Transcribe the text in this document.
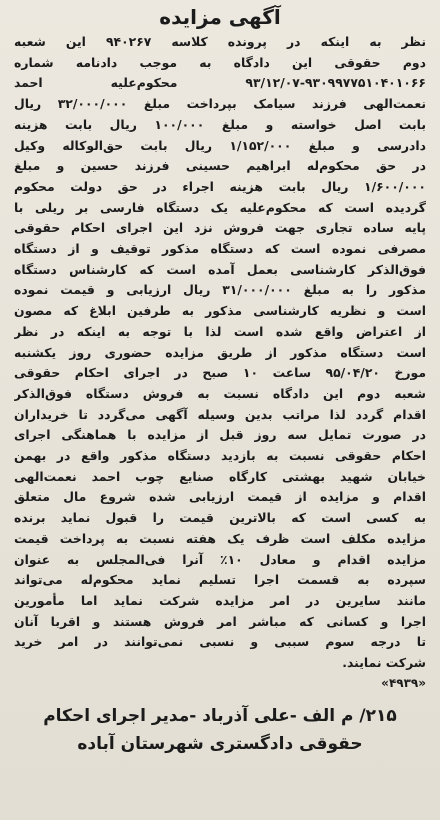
آگهی مزایده
نظر به اینکه در پرونده کلاسه ۹۴۰۲۶۷ این شعبه
دوم حقوقی این دادگاه به موجب دادنامه شماره
۹۳/۱۲/۰۷-۹۳۰۹۹۷۷۵۱۰۴۰۱۰۶۶ محکوم‌علیه احمد
نعمت‌الهی فرزند سیامک بپرداخت مبلغ ۳۲/۰۰۰/۰۰۰ ریال
بابت اصل خواسته و مبلغ ۱۰۰/۰۰۰ ریال بابت هزینه
دادرسی و مبلغ ۱/۱۵۲/۰۰۰ ریال بابت حق‌الوکاله وکیل
در حق محکوم‌له ابراهیم حسینی فرزند حسین و مبلغ
۱/۶۰۰/۰۰۰ ریال بابت هزینه اجراء در حق دولت محکوم
گردیده است که محکوم‌علیه یک دستگاه فارسی بر ریلی با
پایه ساده تجاری جهت فروش نزد این اجرای احکام حقوقی
مصرفی نموده است که دستگاه مذکور توقیف و از دستگاه
فوق‌الذکر کارشناسی بعمل آمده است که کارشناس دستگاه
مذکور را به مبلغ ۳۱/۰۰۰/۰۰۰ ریال ارزیابی و قیمت نموده
است و نظریه کارشناسی مذکور به طرفین ابلاغ که مصون
از اعتراض واقع شده است لذا با توجه به اینکه در نظر
است دستگاه مذکور از طریق مزایده حضوری روز یکشنبه
مورخ ۹۵/۰۴/۲۰ ساعت ۱۰ صبح در اجرای احکام حقوقی
شعبه دوم این دادگاه نسبت به فروش دستگاه فوق‌الذکر
اقدام گردد لذا مراتب بدین وسیله آگهی می‌گردد تا خریداران
در صورت تمایل سه روز قبل از مزایده با هماهنگی اجرای
احکام حقوقی نسبت به بازدید دستگاه مذکور واقع در بهمن
خیابان شهید بهشتی کارگاه صنایع چوب احمد نعمت‌الهی
اقدام و مزایده از قیمت ارزیابی شده شروع مال متعلق
به کسی است که بالاترین قیمت را قبول نماید برنده
مزایده مکلف است ظرف یک هفته نسبت به پرداخت قیمت
مزایده اقدام و معادل ۱۰٪ آنرا فی‌المجلس به عنوان
سپرده به قسمت اجرا تسلیم نماید محکوم‌له می‌تواند
مانند سایرین در امر مزایده شرکت نماید اما مأمورین
اجرا و کسانی که مباشر امر فروش هستند و اقربا آنان
تا درجه سوم سببی و نسبی نمی‌توانند در امر خرید
شرکت نمایند.
«۴۹۳۹»
۲۱۵/ م الف -علی آذرباد -مدیر اجرای احکام
حقوقی دادگستری شهرستان آباده
